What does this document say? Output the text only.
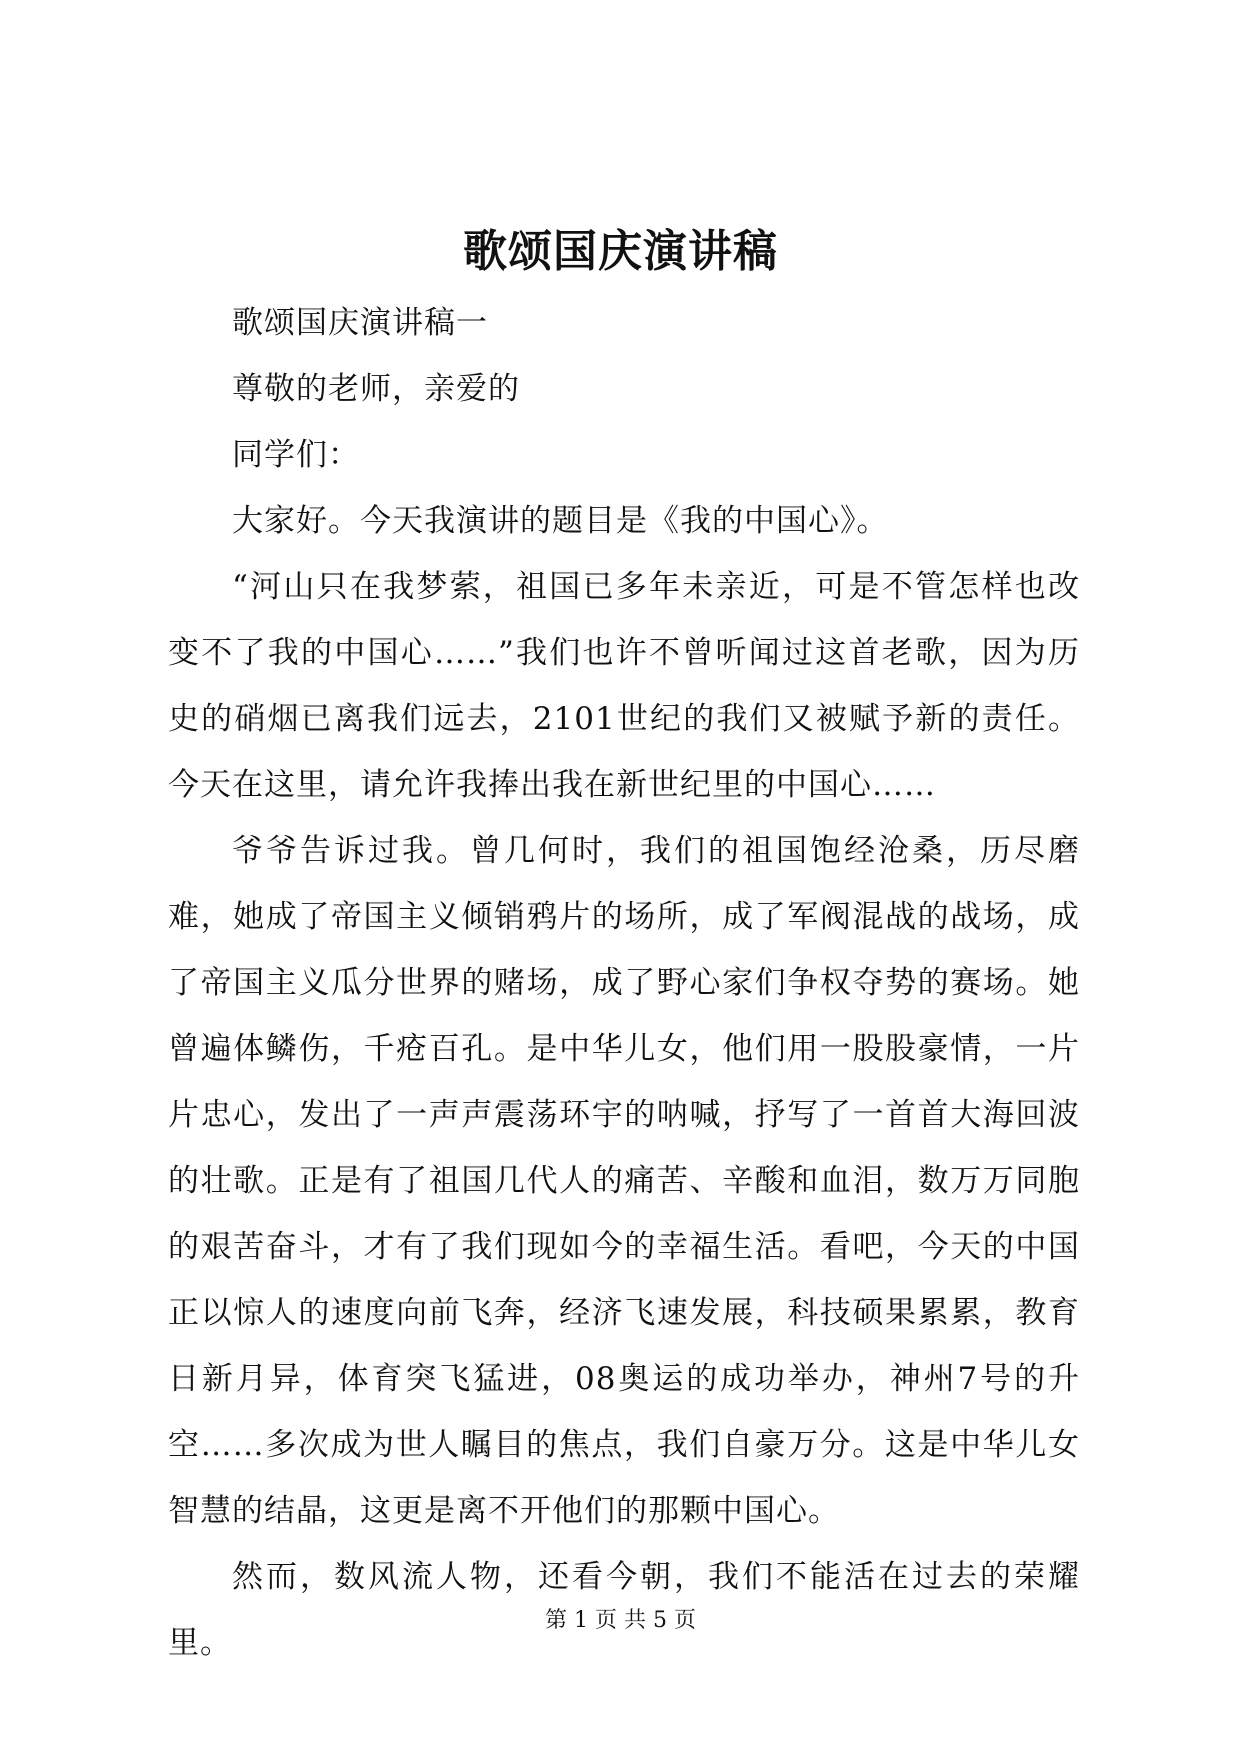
歌颂国庆演讲稿

歌颂国庆演讲稿一

尊敬的老师，亲爱的

同学们：

大家好。今天我演讲的题目是《我的中国心》。

“河山只在我梦萦，祖国已多年未亲近，可是不管怎样也改变不了我的中国心……”我们也许不曾听闻过这首老歌，因为历史的硝烟已离我们远去，2101世纪的我们又被赋予新的责任。今天在这里，请允许我捧出我在新世纪里的中国心……

爷爷告诉过我。曾几何时，我们的祖国饱经沧桑，历尽磨难，她成了帝国主义倾销鸦片的场所，成了军阀混战的战场，成了帝国主义瓜分世界的赌场，成了野心家们争权夺势的赛场。她曾遍体鳞伤，千疮百孔。是中华儿女，他们用一股股豪情，一片片忠心，发出了一声声震荡环宇的呐喊，抒写了一首首大海回波的壮歌。正是有了祖国几代人的痛苦、辛酸和血泪，数万万同胞的艰苦奋斗，才有了我们现如今的幸福生活。看吧，今天的中国正以惊人的速度向前飞奔，经济飞速发展，科技硕果累累，教育日新月异，体育突飞猛进，08奥运的成功举办，神州7号的升空……多次成为世人瞩目的焦点，我们自豪万分。这是中华儿女智慧的结晶，这更是离不开他们的那颗中国心。

然而，数风流人物，还看今朝，我们不能活在过去的荣耀里。

第 1 页 共 5 页
